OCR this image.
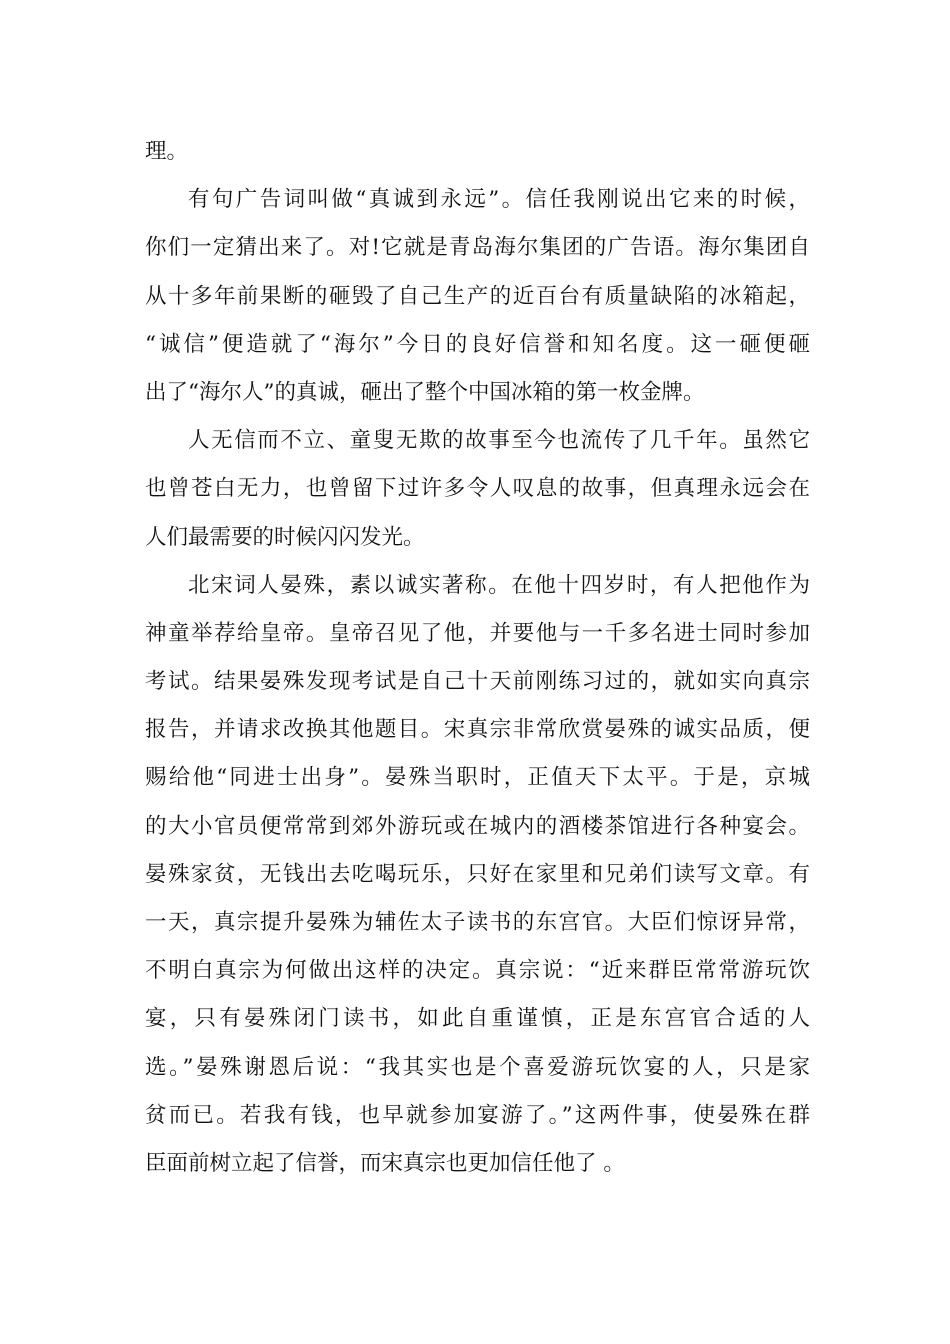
理。
有句广告词叫做“真诚到永远”。信任我刚说出它来的时候，
你们一定猜出来了。对!它就是青岛海尔集团的广告语。海尔集团自
从十多年前果断的砸毁了自己生产的近百台有质量缺陷的冰箱起，
“诚信”便造就了“海尔”今日的良好信誉和知名度。这一砸便砸
出了“海尔人”的真诚，砸出了整个中国冰箱的第一枚金牌。
人无信而不立、童叟无欺的故事至今也流传了几千年。虽然它
也曾苍白无力，也曾留下过许多令人叹息的故事，但真理永远会在
人们最需要的时候闪闪发光。
北宋词人晏殊，素以诚实著称。在他十四岁时，有人把他作为
神童举荐给皇帝。皇帝召见了他，并要他与一千多名进士同时参加
考试。结果晏殊发现考试是自己十天前刚练习过的，就如实向真宗
报告，并请求改换其他题目。宋真宗非常欣赏晏殊的诚实品质，便
赐给他“同进士出身”。晏殊当职时，正值天下太平。于是，京城
的大小官员便常常到郊外游玩或在城内的酒楼茶馆进行各种宴会。
晏殊家贫，无钱出去吃喝玩乐，只好在家里和兄弟们读写文章。有
一天，真宗提升晏殊为辅佐太子读书的东宫官。大臣们惊讶异常，
不明白真宗为何做出这样的决定。真宗说：“近来群臣常常游玩饮
宴，只有晏殊闭门读书，如此自重谨慎，正是东宫官合适的人
选。”晏殊谢恩后说：“我其实也是个喜爱游玩饮宴的人，只是家
贫而已。若我有钱，也早就参加宴游了。”这两件事，使晏殊在群
臣面前树立起了信誉，而宋真宗也更加信任他了 。
